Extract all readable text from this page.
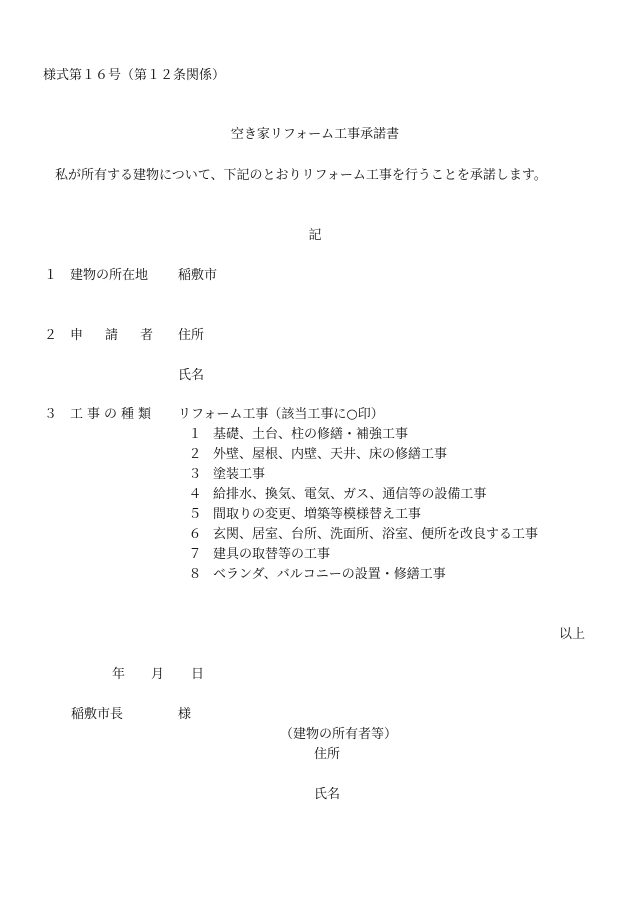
様式第１６号（第１２条関係）
空き家リフォーム工事承諾書
私が所有する建物について、下記のとおりリフォーム工事を行うことを承諾します。
記
１ 建物の所在地 稲敷市
２ 申 請 者 住所
氏名
３ 工 事 の 種 類 リフォーム工事（該当工事に○印）
１ 基礎、土台、柱の修繕・補強工事
２ 外壁、屋根、内壁、天井、床の修繕工事
３ 塗装工事
４ 給排水、換気、電気、ガス、通信等の設備工事
５ 間取りの変更、増築等模様替え工事
６ 玄関、居室、台所、洗面所、浴室、便所を改良する工事
７ 建具の取替等の工事
８ ベランダ、バルコニーの設置・修繕工事
以上
年 月 日
稲敷市長	様
（建物の所有者等）
住所
氏名
